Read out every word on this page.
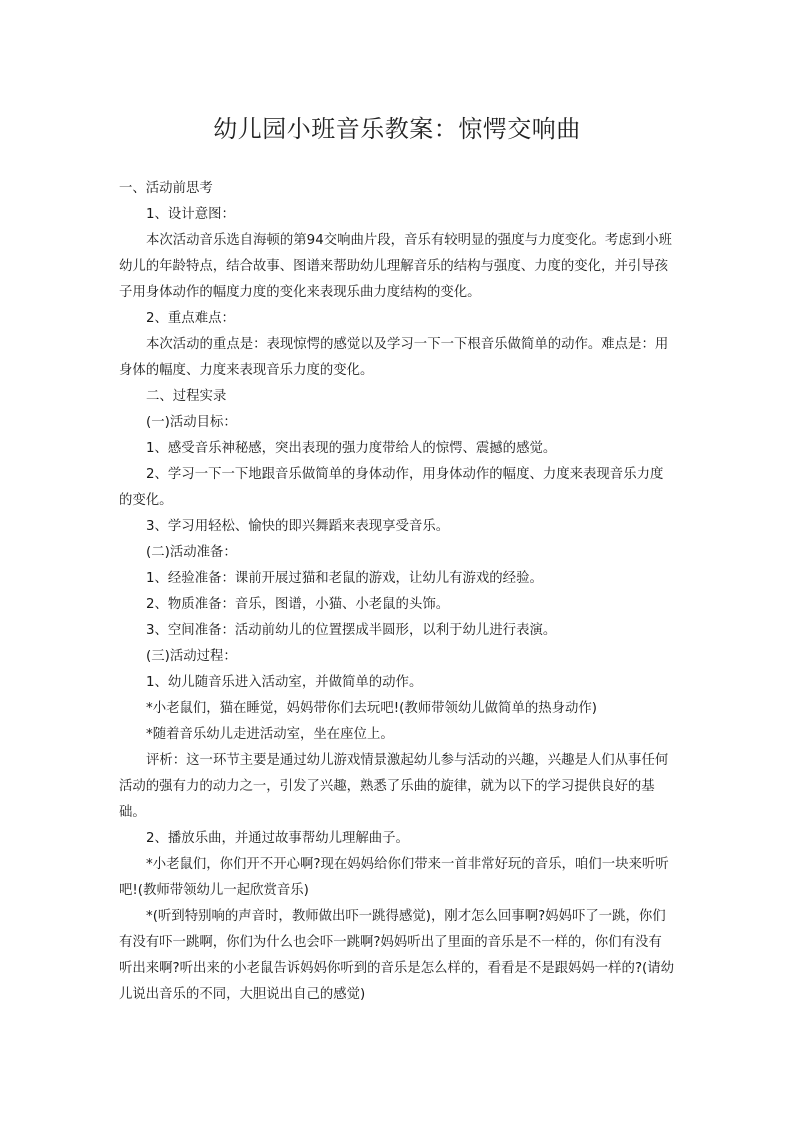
幼儿园小班音乐教案：惊愕交响曲

一、活动前思考

1、设计意图：

本次活动音乐选自海顿的第94交响曲片段，音乐有较明显的强度与力度变化。考虑到小班幼儿的年龄特点，结合故事、图谱来帮助幼儿理解音乐的结构与强度、力度的变化，并引导孩子用身体动作的幅度力度的变化来表现乐曲力度结构的变化。

2、重点难点：

本次活动的重点是：表现惊愕的感觉以及学习一下一下根音乐做简单的动作。难点是：用身体的幅度、力度来表现音乐力度的变化。

二、过程实录

(一)活动目标：

1、感受音乐神秘感，突出表现的强力度带给人的惊愕、震撼的感觉。

2、学习一下一下地跟音乐做简单的身体动作，用身体动作的幅度、力度来表现音乐力度的变化。

3、学习用轻松、愉快的即兴舞蹈来表现享受音乐。

(二)活动准备：

1、经验准备：课前开展过猫和老鼠的游戏，让幼儿有游戏的经验。

2、物质准备：音乐，图谱，小猫、小老鼠的头饰。

3、空间准备：活动前幼儿的位置摆成半圆形，以利于幼儿进行表演。

(三)活动过程：

1、幼儿随音乐进入活动室，并做简单的动作。

*小老鼠们，猫在睡觉，妈妈带你们去玩吧!(教师带领幼儿做简单的热身动作)

*随着音乐幼儿走进活动室，坐在座位上。

评析：这一环节主要是通过幼儿游戏情景激起幼儿参与活动的兴趣，兴趣是人们从事任何活动的强有力的动力之一，引发了兴趣，熟悉了乐曲的旋律，就为以下的学习提供良好的基础。

2、播放乐曲，并通过故事帮幼儿理解曲子。

*小老鼠们，你们开不开心啊?现在妈妈给你们带来一首非常好玩的音乐，咱们一块来听听吧!(教师带领幼儿一起欣赏音乐)

*(听到特别响的声音时，教师做出吓一跳得感觉)，刚才怎么回事啊?妈妈吓了一跳，你们有没有吓一跳啊，你们为什么也会吓一跳啊?妈妈听出了里面的音乐是不一样的，你们有没有听出来啊?听出来的小老鼠告诉妈妈你听到的音乐是怎么样的，看看是不是跟妈妈一样的?(请幼儿说出音乐的不同，大胆说出自己的感觉)
